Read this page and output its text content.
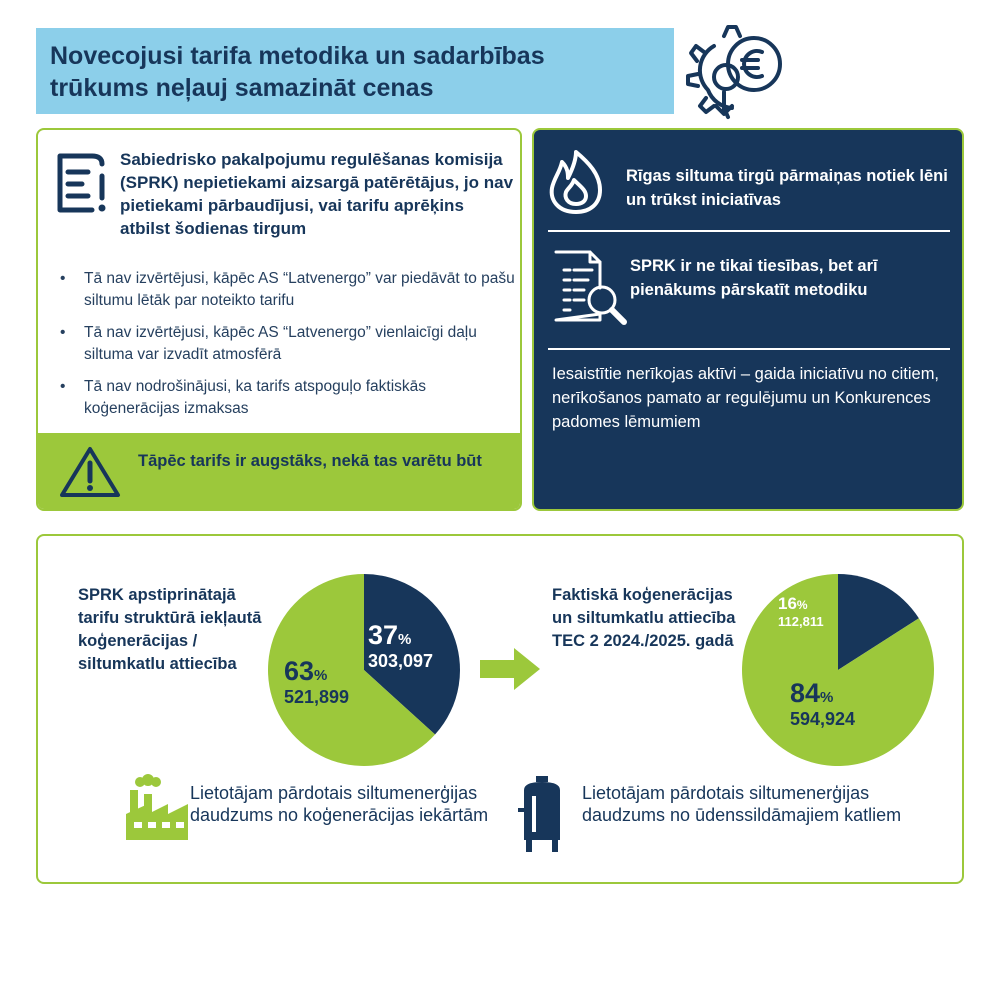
Novecojusi tarifa metodika un sadarbības
trūkums neļauj samazināt cenas
Sabiedrisko pakalpojumu regulēšanas komisija (SPRK) nepietiekami aizsargā patērētājus, jo nav pietiekami pārbaudījusi, vai tarifu aprēķins atbilst šodienas tirgum
• Tā nav izvērtējusi, kāpēc AS “Latvenergo” var piedāvāt to pašu siltumu lētāk par noteikto tarifu
• Tā nav izvērtējusi, kāpēc AS “Latvenergo” vienlaicīgi daļu siltuma var izvadīt atmosfērā
• Tā nav nodrošinājusi, ka tarifs atspoguļo faktiskās koģenerācijas izmaksas
Tāpēc tarifs ir augstāks, nekā tas varētu būt
Rīgas siltuma tirgū pārmaiņas notiek lēni un trūkst iniciatīvas
SPRK ir ne tikai tiesības, bet arī pienākums pārskatīt metodiku
Iesaistītie nerīkojas aktīvi – gaida iniciatīvu no citiem, nerīkošanos pamato ar regulējumu un Konkurences padomes lēmumiem
SPRK apstiprinātajā tarifu struktūrā iekļautā koģenerācijas / siltumkatlu attiecība
37%
303,097
63%
521,899
Faktiskā koģenerācijas un siltumkatlu attiecība TEC 2 2024./2025. gadā
16%
112,811
84%
594,924
Lietotājam pārdotais siltumenerģijas daudzums no koģenerācijas iekārtām
Lietotājam pārdotais siltumenerģijas daudzums no ūdenssildāmajiem katliem
